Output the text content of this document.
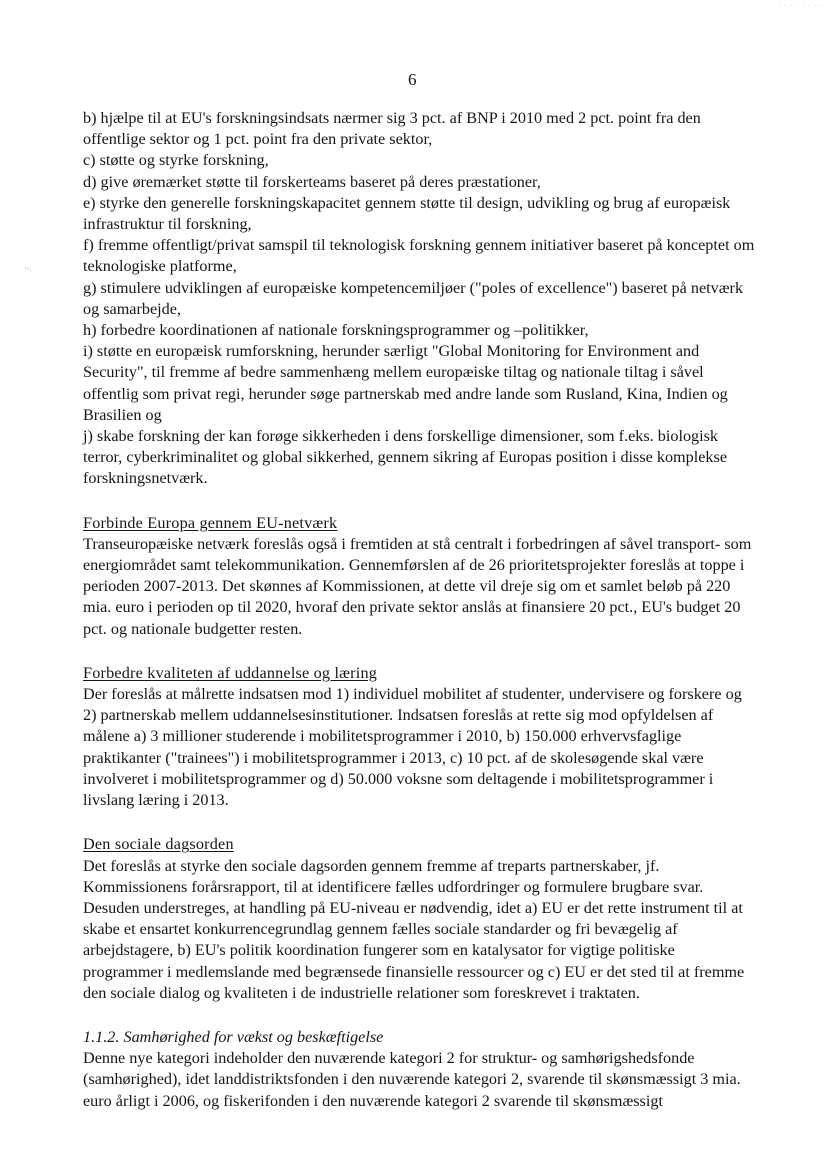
6

b) hjælpe til at EU's forskningsindsats nærmer sig 3 pct. af BNP i 2010 med 2 pct. point fra den offentlige sektor og 1 pct. point fra den private sektor,

c) støtte og styrke forskning,

d) give øremærket støtte til forskerteams baseret på deres præstationer,

e) styrke den generelle forskningskapacitet gennem støtte til design, udvikling og brug af europæisk infrastruktur til forskning,

f) fremme offentligt/privat samspil til teknologisk forskning gennem initiativer baseret på konceptet om teknologiske platforme,

g) stimulere udviklingen af europæiske kompetencemiljøer ("poles of excellence") baseret på netværk og samarbejde,

h) forbedre koordinationen af nationale forskningsprogrammer og –politikker,

i) støtte en europæisk rumforskning, herunder særligt "Global Monitoring for Environment and Security", til fremme af bedre sammenhæng mellem europæiske tiltag og nationale tiltag i såvel offentlig som privat regi, herunder søge partnerskab med andre lande som Rusland, Kina, Indien og Brasilien og

j) skabe forskning der kan forøge sikkerheden i dens forskellige dimensioner, som f.eks. biologisk terror, cyberkriminalitet og global sikkerhed, gennem sikring af Europas position i disse komplekse forskningsnetværk.

Forbinde Europa gennem EU-netværk

Transeuropæiske netværk foreslås også i fremtiden at stå centralt i forbedringen af såvel transport- som energiområdet samt telekommunikation. Gennemførslen af de 26 prioritetsprojekter foreslås at toppe i perioden 2007-2013. Det skønnes af Kommissionen, at dette vil dreje sig om et samlet beløb på 220 mia. euro i perioden op til 2020, hvoraf den private sektor anslås at finansiere 20 pct., EU's budget 20 pct. og nationale budgetter resten.

Forbedre kvaliteten af uddannelse og læring

Der foreslås at målrette indsatsen mod 1) individuel mobilitet af studenter, undervisere og forskere og 2) partnerskab mellem uddannelsesinstitutioner. Indsatsen foreslås at rette sig mod opfyldelsen af målene a) 3 millioner studerende i mobilitetsprogrammer i 2010, b) 150.000 erhvervsfaglige praktikanter ("trainees") i mobilitetsprogrammer i 2013, c) 10 pct. af de skolesøgende skal være involveret i mobilitetsprogrammer og d) 50.000 voksne som deltagende i mobilitetsprogrammer i livslang læring i 2013.

Den sociale dagsorden

Det foreslås at styrke den sociale dagsorden gennem fremme af treparts partnerskaber, jf. Kommissionens forårsrapport, til at identificere fælles udfordringer og formulere brugbare svar. Desuden understreges, at handling på EU-niveau er nødvendig, idet a) EU er det rette instrument til at skabe et ensartet konkurrencegrundlag gennem fælles sociale standarder og fri bevægelig af arbejdstagere, b) EU's politik koordination fungerer som en katalysator for vigtige politiske programmer i medlemslande med begrænsede finansielle ressourcer og c) EU er det sted til at fremme den sociale dialog og kvaliteten i de industrielle relationer som foreskrevet i traktaten.

1.1.2. Samhørighed for vækst og beskæftigelse

Denne nye kategori indeholder den nuværende kategori 2 for struktur- og samhørigshedsfonde (samhørighed), idet landdistriktsfonden i den nuværende kategori 2, svarende til skønsmæssigt 3 mia. euro årligt i 2006, og fiskerifonden i den nuværende kategori 2 svarende til skønsmæssigt

·-.
· · · · · · · ·
